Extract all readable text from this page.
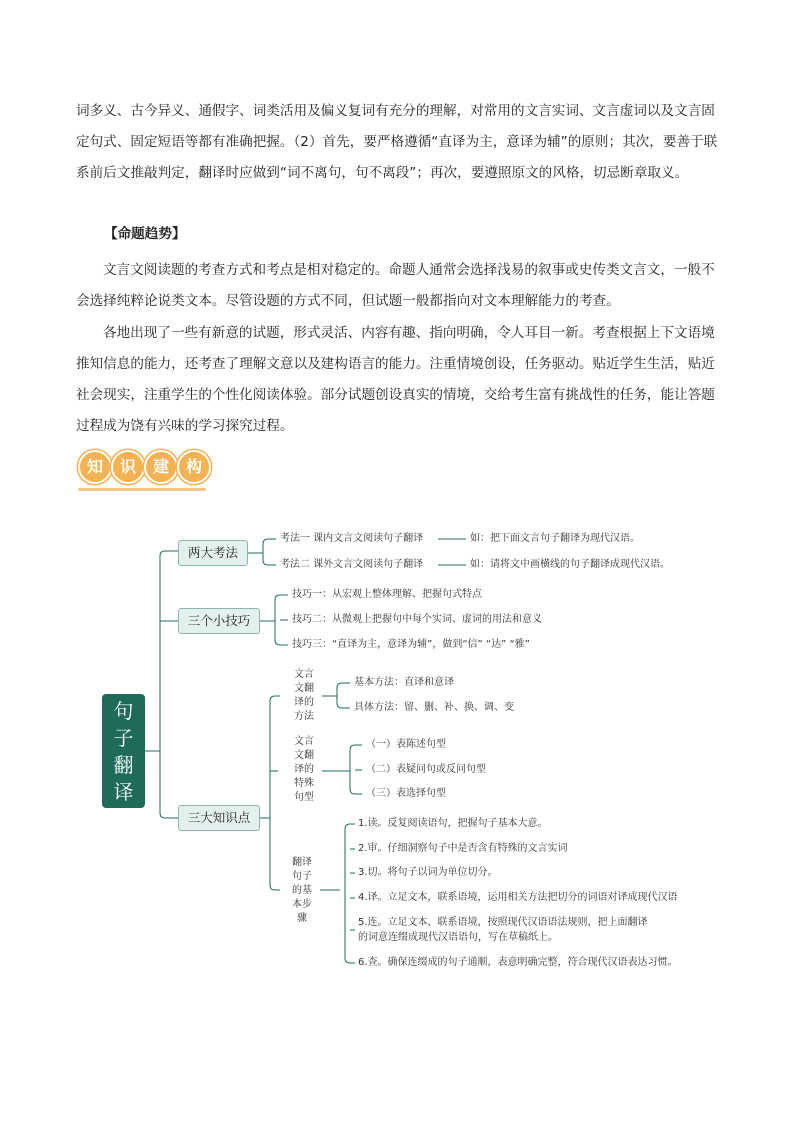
词多义、古今异义、通假字、词类活用及偏义复词有充分的理解，对常用的文言实词、文言虚词以及文言固定句式、固定短语等都有准确把握。（2）首先，要严格遵循“直译为主，意译为辅”的原则；其次，要善于联系前后文推敲判定，翻译时应做到“词不离句，句不离段”；再次，要遵照原文的风格，切忌断章取义。

【命题趋势】

文言文阅读题的考查方式和考点是相对稳定的。命题人通常会选择浅易的叙事或史传类文言文，一般不会选择纯粹论说类文本。尽管设题的方式不同，但试题一般都指向对文本理解能力的考查。

各地出现了一些有新意的试题，形式灵活、内容有趣、指向明确，令人耳目一新。考查根据上下文语境推知信息的能力，还考查了理解文意以及建构语言的能力。注重情境创设，任务驱动。贴近学生生活，贴近社会现实，注重学生的个性化阅读体验。部分试题创设真实的情境，交给考生富有挑战性的任务，能让答题过程成为饶有兴味的学习探究过程。

知	识	建	构
句
子
翻
译
两大考法
三个小技巧
三大知识点
考法一 课内文言文阅读句子翻译	如：把下面文言句子翻译为现代汉语。
考法二 课外文言文阅读句子翻译	如：请将文中画横线的句子翻译成现代汉语。
技巧一：从宏观上整体理解、把握句式特点
技巧二：从微观上把握句中每个实词、虚词的用法和意义
技巧三：“直译为主，意译为辅”，做到“信” “达” “雅”
文言文翻译的方法
文言文翻译的特殊句型
翻译句子的基本步骤
基本方法：直译和意译
具体方法：留、删、补、换、调、变
（一）表陈述句型
（二）表疑问句或反问句型
（三）表选择句型
1.读。反复阅读语句，把握句子基本大意。
2.审。仔细洞察句子中是否含有特殊的文言实词
3.切。将句子以词为单位切分。
4.译。立足文本，联系语境，运用相关方法把切分的词语对译成现代汉语
5.连。立足文本，联系语境，按照现代汉语语法规则，把上面翻译
的词意连缀成现代汉语语句，写在草稿纸上。
6.查。确保连缀成的句子通顺，表意明确完整，符合现代汉语表达习惯。
